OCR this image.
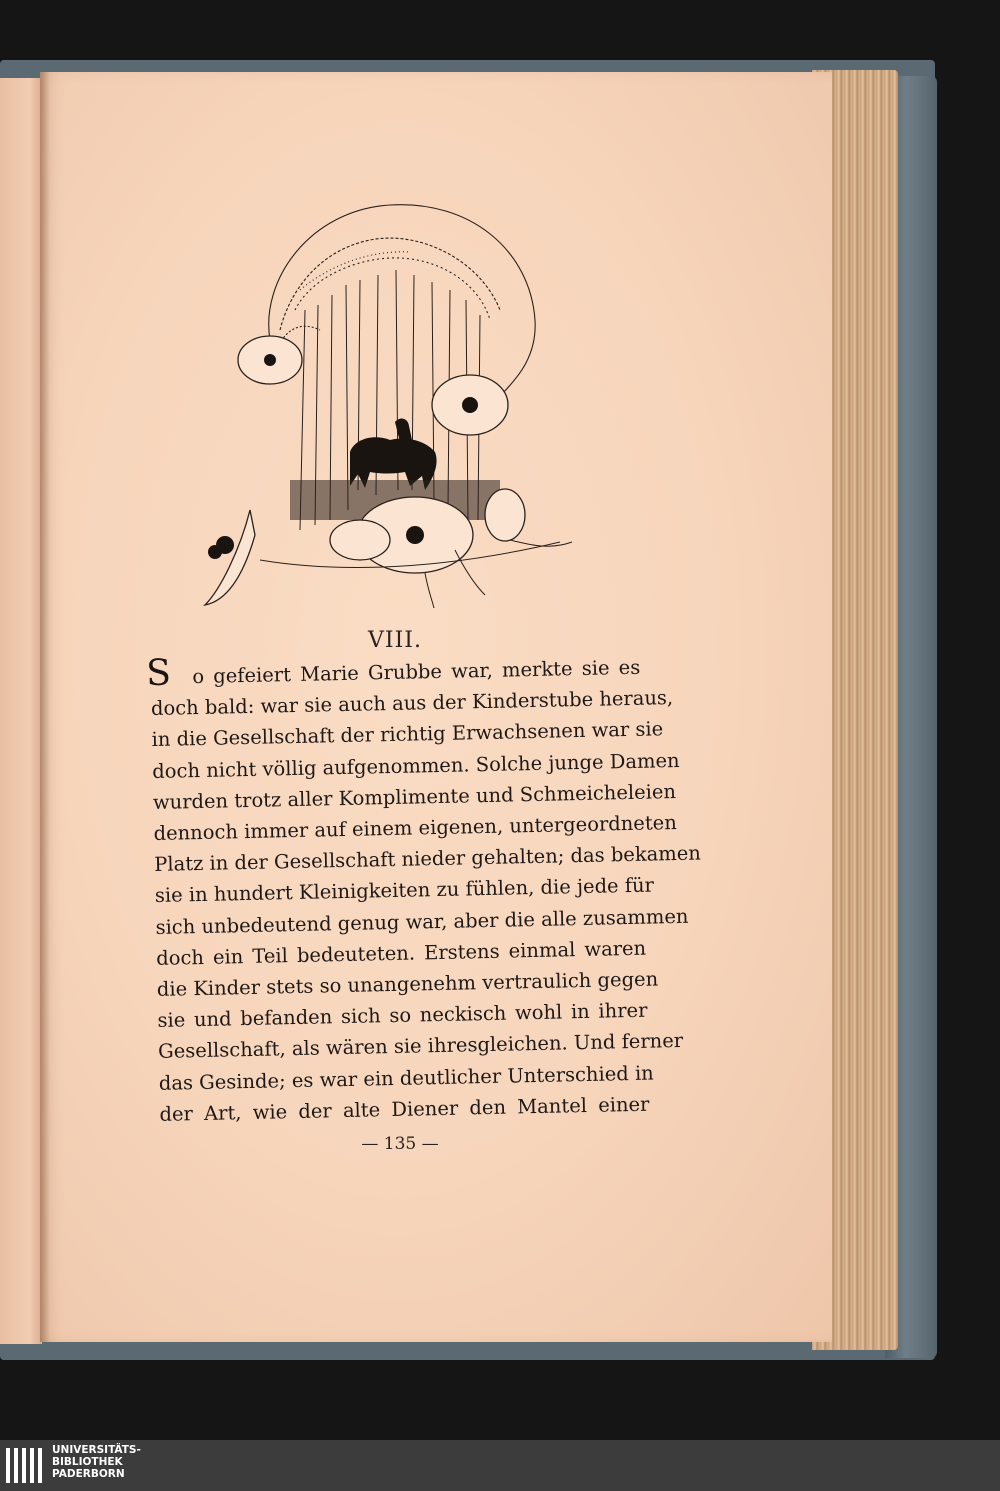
VIII.
S	o gefeiert Marie Grubbe war, merkte sie es
doch bald: war sie auch aus der Kinderstube heraus,
in die Gesellschaft der richtig Erwachsenen war sie
doch nicht völlig aufgenommen. Solche junge Damen
wurden trotz aller Komplimente und Schmeicheleien
dennoch immer auf einem eigenen, untergeordneten
Platz in der Gesellschaft nieder gehalten; das bekamen
sie in hundert Kleinigkeiten zu fühlen, die jede für
sich unbedeutend genug war, aber die alle zusammen
doch ein Teil bedeuteten. Erstens einmal waren
die Kinder stets so unangenehm vertraulich gegen
sie und befanden sich so neckisch wohl in ihrer
Gesellschaft, als wären sie ihresgleichen. Und ferner
das Gesinde; es war ein deutlicher Unterschied in
der Art, wie der alte Diener den Mantel einer
— 135 —
UNIVERSITÄTS-
BIBLIOTHEK
PADERBORN
